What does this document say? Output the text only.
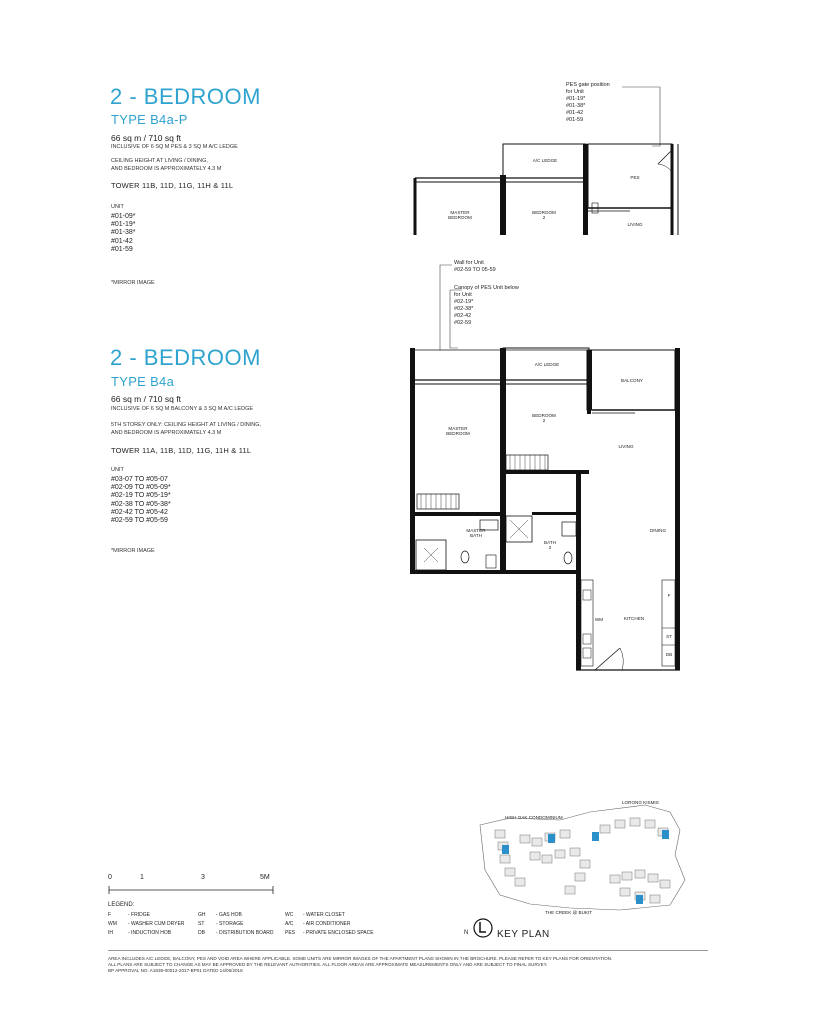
2 - BEDROOM
TYPE B4a-P
66 sq m / 710 sq ft
INCLUSIVE OF 6 SQ M PES & 3 SQ M A/C LEDGE
CEILING HEIGHT AT LIVING / DINING,
AND BEDROOM IS APPROXIMATELY 4.3 M
TOWER 11B, 11D, 11G, 11H & 11L
UNIT
#01-09*
#01-19*
#01-38*
#01-42
#01-59
*MIRROR IMAGE
2 - BEDROOM
TYPE B4a
66 sq m / 710 sq ft
INCLUSIVE OF 6 SQ M BALCONY & 3 SQ M A/C LEDGE
5TH STOREY ONLY: CEILING HEIGHT AT LIVING / DINING,
AND BEDROOM IS APPROXIMATELY 4.3 M
TOWER 11A, 11B, 11D, 11G, 11H & 11L
UNIT
#03-07 TO #05-07
#02-09 TO #05-09*
#02-19 TO #05-19*
#02-38 TO #05-38*
#02-42 TO #05-42
#02-59 TO #05-59
*MIRROR IMAGE
PES gate position
for Unit
#01-19*
#01-38*
#01-42
#01-59
A/C LEDGE
PES
MASTER
BEDROOM
BEDROOM
2
LIVING
Wall for Unit
#02-59 TO 05-59
Canopy of PES Unit below
for Unit
#02-19*
#02-38*
#02-42
#02-59
A/C LEDGE
BALCONY
MASTER
BEDROOM
BEDROOM
2
LIVING
DINING
MASTER
BATH
BATH
2
KITCHEN
WM
F
ST
DB
0	1	3	5M
LEGEND:
F	- FRIDGE
WM - WASHER CUM DRYER
IH	- INDUCTION HOB
GH - GAS HOB
ST - STORAGE
DB - DISTRIBUTION BOARD
WC - WATER CLOSET
A/C - AIR CONDITIONER
PES - PRIVATE ENCLOSED SPACE
HIGH OAK CONDOMINIUM
LORONG KISMIS
THE CREEK @ BUKIT
N	KEY PLAN
AREA INCLUDES A/C LEDGE, BALCONY, PES AND VOID AREA WHERE APPLICABLE. SOME UNITS ARE MIRROR IMAGES OF THE APARTMENT PLANS SHOWN IN THE BROCHURE. PLEASE REFER TO KEY PLANS FOR ORIENTATION.
ALL PLANS ARE SUBJECT TO CHANGE AS MAY BE APPROVED BY THE RELEVANT AUTHORITIES. ALL FLOOR AREAS ARE APPROXIMATE MEASUREMENTS ONLY AND ARE SUBJECT TO FINAL SURVEY.
BP APPROVAL NO. A1839-00012-2017-BP01 DATED 14/06/2018
